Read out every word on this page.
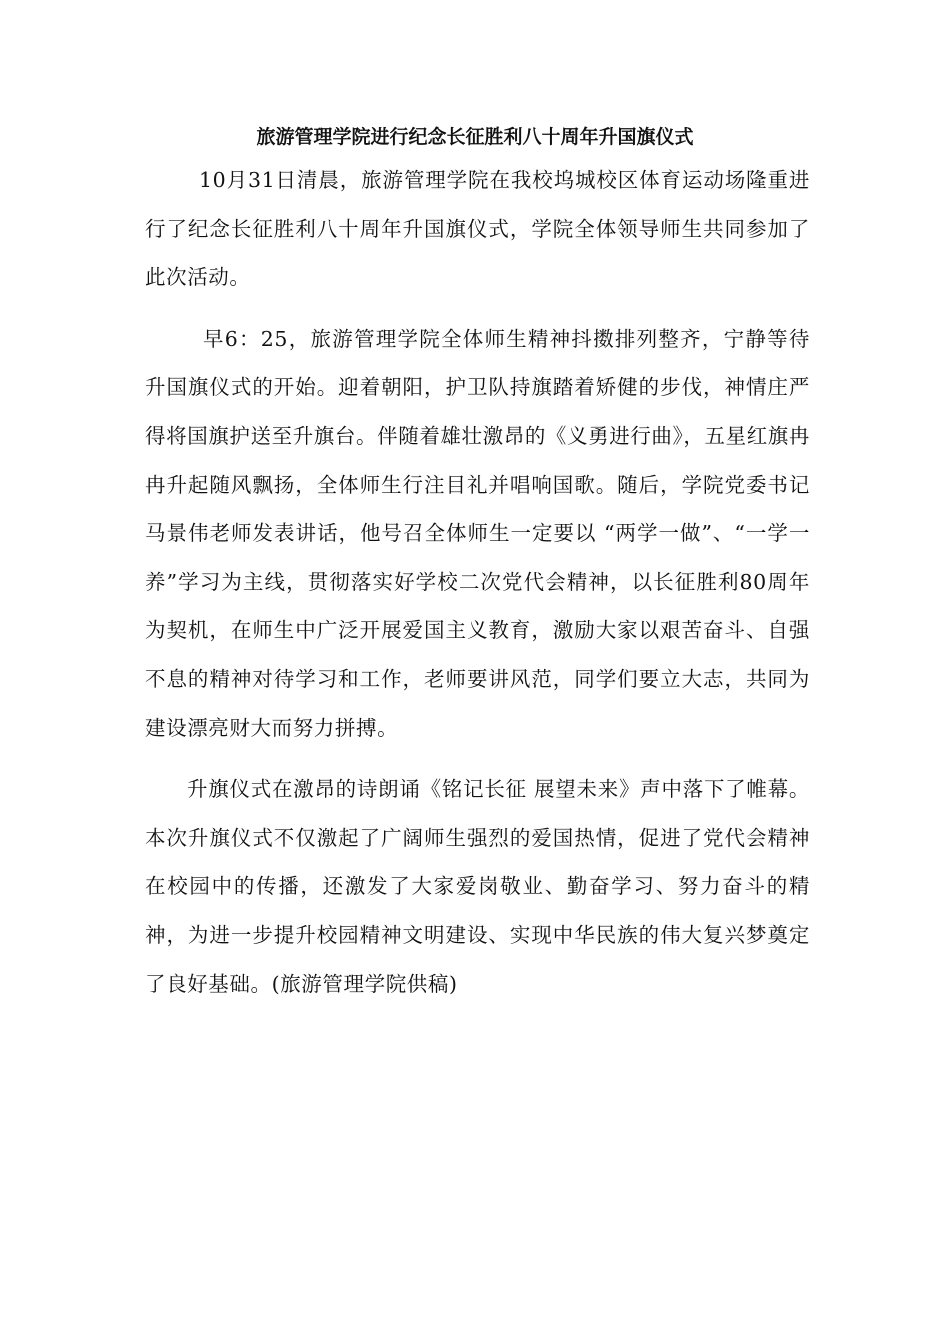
旅游管理学院进行纪念长征胜利八十周年升国旗仪式

10月31日清晨，旅游管理学院在我校坞城校区体育运动场隆重进行了纪念长征胜利八十周年升国旗仪式，学院全体领导师生共同参加了此次活动。

早6：25，旅游管理学院全体师生精神抖擞排列整齐，宁静等待升国旗仪式的开始。迎着朝阳，护卫队持旗踏着矫健的步伐，神情庄严得将国旗护送至升旗台。伴随着雄壮激昂的《义勇进行曲》，五星红旗冉冉升起随风飘扬，全体师生行注目礼并唱响国歌。随后，学院党委书记马景伟老师发表讲话，他号召全体师生一定要以 “两学一做”、“一学一养”学习为主线，贯彻落实好学校二次党代会精神，以长征胜利80周年为契机，在师生中广泛开展爱国主义教育，激励大家以艰苦奋斗、自强不息的精神对待学习和工作，老师要讲风范，同学们要立大志，共同为建设漂亮财大而努力拼搏。

升旗仪式在激昂的诗朗诵《铭记长征 展望未来》声中落下了帷幕。本次升旗仪式不仅激起了广阔师生强烈的爱国热情，促进了党代会精神在校园中的传播，还激发了大家爱岗敬业、勤奋学习、努力奋斗的精神，为进一步提升校园精神文明建设、实现中华民族的伟大复兴梦奠定了良好基础。(旅游管理学院供稿)
